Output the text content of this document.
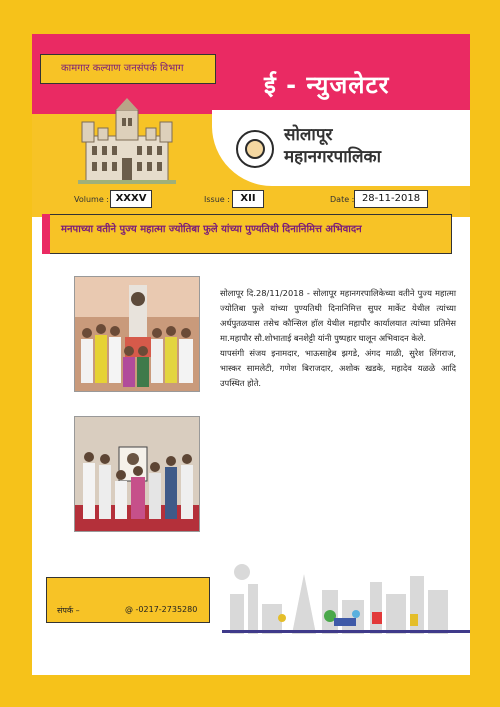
कामगार कल्याण जनसंपर्क विभाग
ई - न्युजलेटर
सोलापूर महानगरपालिका
Volume : XXXV	Issue :	XII	Date : 28-11-2018
मनपाच्या वतीने पुज्य महात्मा ज्योतिबा फुले यांच्या पुण्यतिथी दिनानिमित्त अभिवादन

सोलापूर दि.28/11/2018 - सोलापूर महानगरपालिकेच्या वतीने पुज्य महात्मा ज्योतिबा फुले यांच्या पुण्यतिथी दिनानिमित्त सुपर मार्केट येथील त्यांच्या अर्धपुतळयास तसेच कौन्सिल हॉल येथील महापौर कार्यालयात त्यांच्या प्रतिमेस मा.महापौर सौ.शोभाताई बनशेट्टी यांनी पुष्पहार घालून अभिवादन केले.

यापसंगी संजय इनामदार, भाऊसाहेब झगडे, अंगद माळी, सुरेश लिंगराज, भास्कर सामलेटी, गणेश बिराजदार, अशोक खडके, महादेव यळळे आदि उपस्थित होते.

संपर्क –	@ -0217-2735280
